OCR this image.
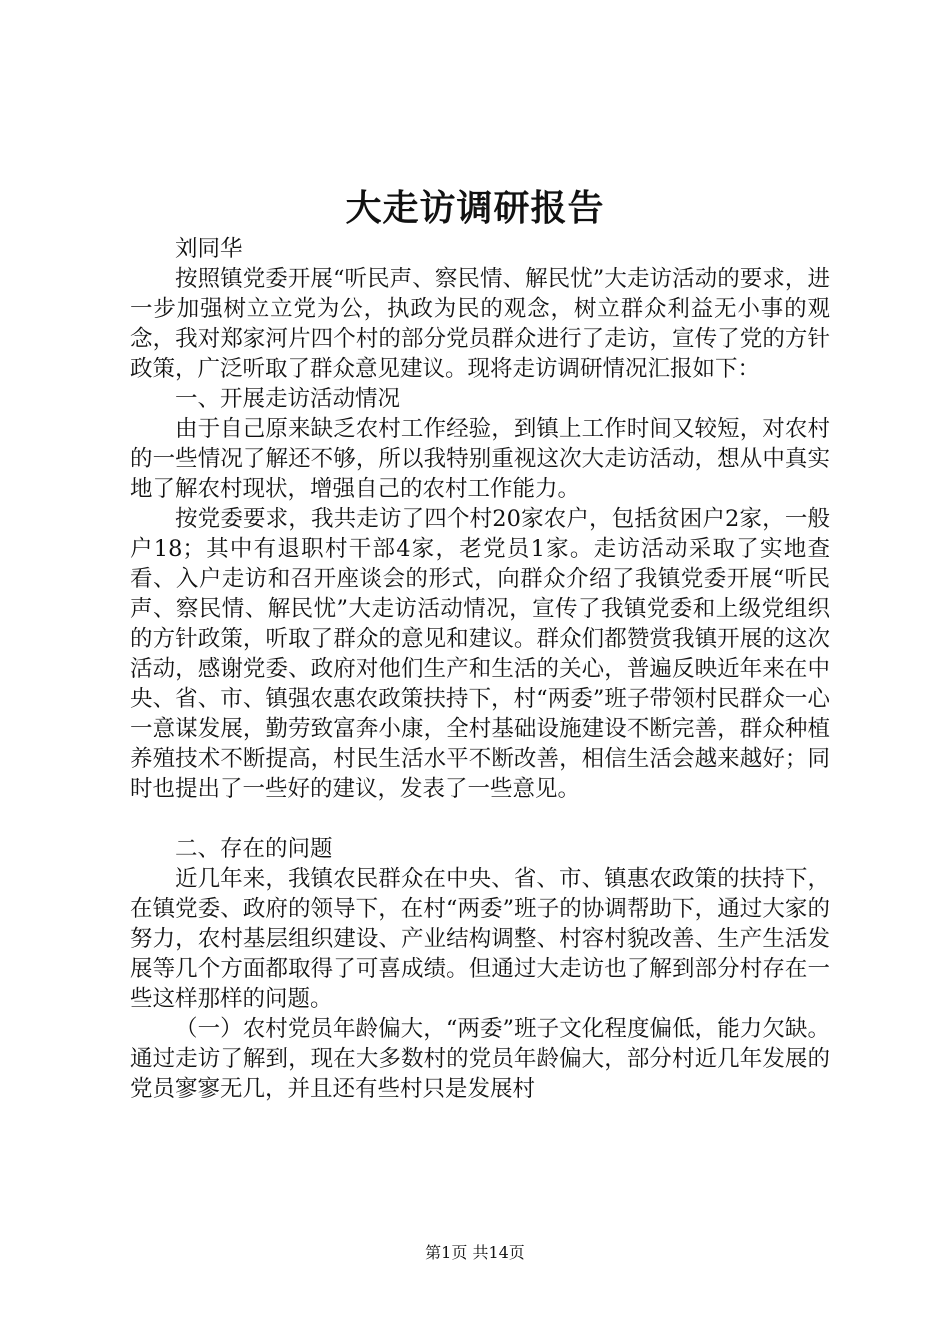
大走访调研报告

刘同华

按照镇党委开展“听民声、察民情、解民忧”大走访活动的要求，进一步加强树立立党为公，执政为民的观念，树立群众利益无小事的观念，我对郑家河片四个村的部分党员群众进行了走访，宣传了党的方针政策，广泛听取了群众意见建议。现将走访调研情况汇报如下：

一、开展走访活动情况

由于自己原来缺乏农村工作经验，到镇上工作时间又较短，对农村的一些情况了解还不够，所以我特别重视这次大走访活动，想从中真实地了解农村现状，增强自己的农村工作能力。

按党委要求，我共走访了四个村20家农户，包括贫困户2家，一般户18；其中有退职村干部4家，老党员1家。走访活动采取了实地查看、入户走访和召开座谈会的形式，向群众介绍了我镇党委开展“听民声、察民情、解民忧”大走访活动情况，宣传了我镇党委和上级党组织的方针政策，听取了群众的意见和建议。群众们都赞赏我镇开展的这次活动，感谢党委、政府对他们生产和生活的关心，普遍反映近年来在中央、省、市、镇强农惠农政策扶持下，村“两委”班子带领村民群众一心一意谋发展，勤劳致富奔小康，全村基础设施建设不断完善，群众种植养殖技术不断提高，村民生活水平不断改善，相信生活会越来越好；同时也提出了一些好的建议，发表了一些意见。

二、存在的问题

近几年来，我镇农民群众在中央、省、市、镇惠农政策的扶持下，在镇党委、政府的领导下，在村“两委”班子的协调帮助下，通过大家的努力，农村基层组织建设、产业结构调整、村容村貌改善、生产生活发展等几个方面都取得了可喜成绩。但通过大走访也了解到部分村存在一些这样那样的问题。

（一）农村党员年龄偏大，“两委”班子文化程度偏低，能力欠缺。通过走访了解到，现在大多数村的党员年龄偏大，部分村近几年发展的党员寥寥无几，并且还有些村只是发展村

第1页 共14页
